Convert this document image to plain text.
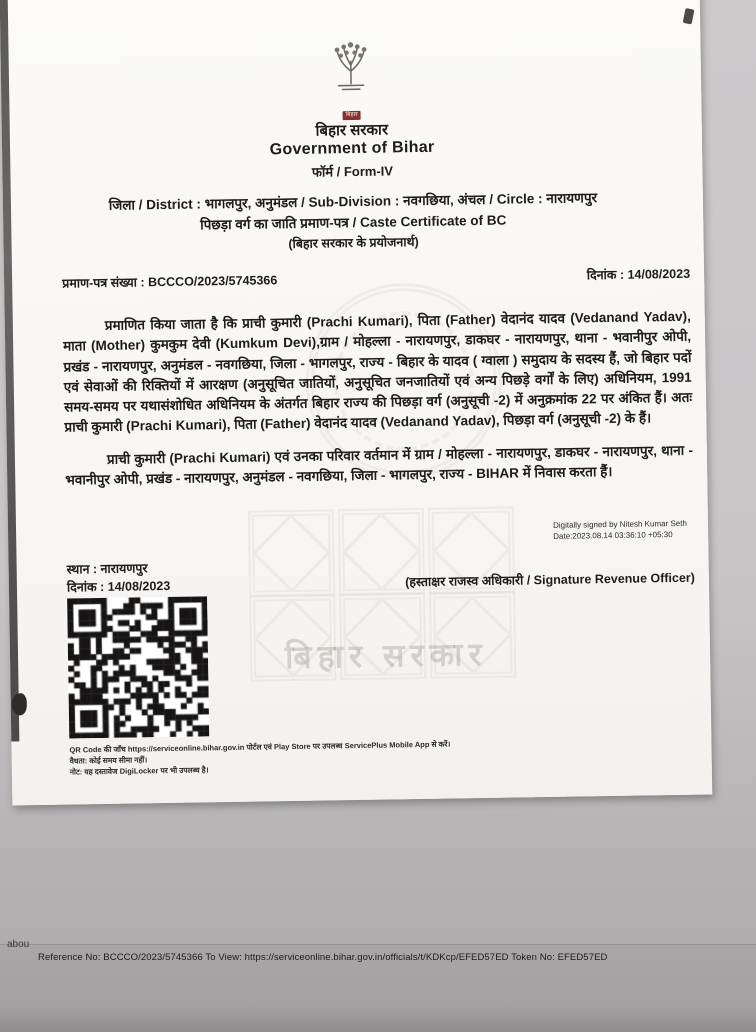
बिहार सरकार
बिहार
बिहार सरकार
Government of Bihar
फॉर्म / Form-IV
जिला / District : भागलपुर, अनुमंडल / Sub-Division : नवगछिया, अंचल / Circle : नारायणपुर
पिछड़ा वर्ग का जाति प्रमाण-पत्र / Caste Certificate of BC
(बिहार सरकार के प्रयोजनार्थ)
प्रमाण-पत्र संख्या : BCCCO/2023/5745366	दिनांक : 14/08/2023
प्रमाणित किया जाता है कि प्राची कुमारी (Prachi Kumari), पिता (Father) वेदानंद यादव (Vedanand Yadav), माता (Mother) कुमकुम देवी (Kumkum Devi),ग्राम / मोहल्ला - नारायणपुर, डाकघर - नारायणपुर, थाना - भवानीपुर ओपी, प्रखंड - नारायणपुर, अनुमंडल - नवगछिया, जिला - भागलपुर, राज्य - बिहार के यादव ( ग्वाला ) समुदाय के सदस्य हैं, जो बिहार पदों एवं सेवाओं की रिक्तियों में आरक्षण (अनुसूचित जातियों, अनुसूचित जनजातियों एवं अन्य पिछड़े वर्गों के लिए) अधिनियम, 1991 समय-समय पर यथासंशोधित अधिनियम के अंतर्गत बिहार राज्य की पिछड़ा वर्ग (अनुसूची -2) में अनुक्रमांक 22 पर अंकित हैं। अतः प्राची कुमारी (Prachi Kumari), पिता (Father) वेदानंद यादव (Vedanand Yadav), पिछड़ा वर्ग (अनुसूची -2) के हैं।
प्राची कुमारी (Prachi Kumari) एवं उनका परिवार वर्तमान में ग्राम / मोहल्ला - नारायणपुर, डाकघर - नारायणपुर, थाना - भवानीपुर ओपी, प्रखंड - नारायणपुर, अनुमंडल - नवगछिया, जिला - भागलपुर, राज्य - BIHAR में निवास करता हैं।
Digitally signed by Nitesh Kumar Seth
Date:2023.08.14 03:36:10 +05:30
स्थान : नारायणपुर
दिनांक : 14/08/2023	(हस्ताक्षर राजस्व अधिकारी / Signature Revenue Officer)

QR Code की जाँच https://serviceonline.bihar.gov.in पोर्टल एवं Play Store पर उपलब्ध ServicePlus Mobile App से करें।

वैधता: कोई समय सीमा नहीं।

नोट: यह दस्तावेज DigiLocker पर भी उपलब्ध है।

abou
Reference No: BCCCO/2023/5745366 To View: https://serviceonline.bihar.gov.in/officials/t/KDKcp/EFED57ED Token No: EFED57ED
